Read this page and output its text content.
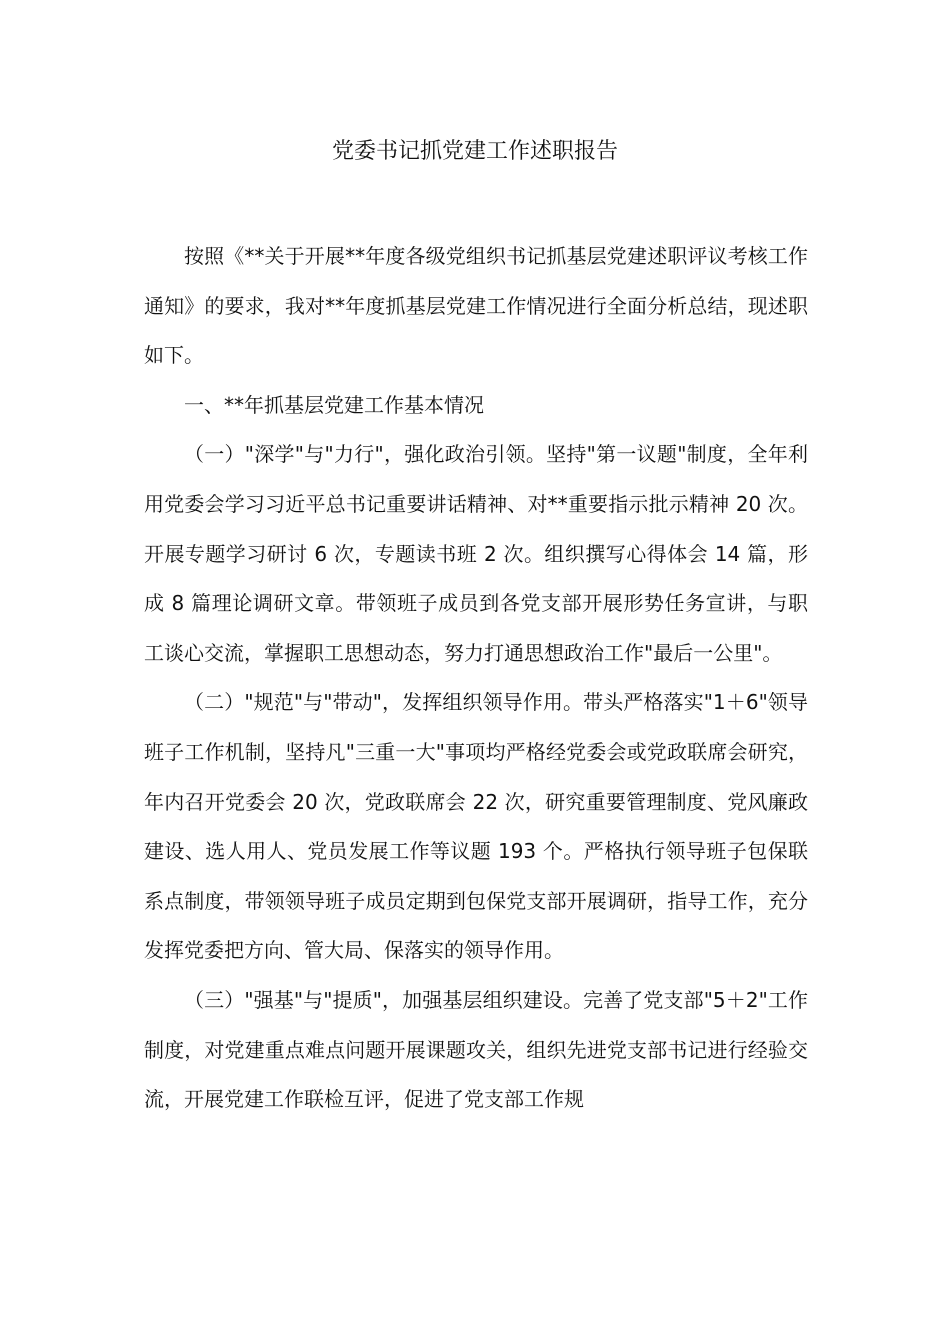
党委书记抓党建工作述职报告

按照《**关于开展**年度各级党组织书记抓基层党建述职评议考核工作通知》的要求，我对**年度抓基层党建工作情况进行全面分析总结，现述职如下。

一、**年抓基层党建工作基本情况

（一）"深学"与"力行"，强化政治引领。坚持"第一议题"制度，全年利用党委会学习习近平总书记重要讲话精神、对**重要指示批示精神 20 次。开展专题学习研讨 6 次，专题读书班 2 次。组织撰写心得体会 14 篇，形成 8 篇理论调研文章。带领班子成员到各党支部开展形势任务宣讲，与职工谈心交流，掌握职工思想动态，努力打通思想政治工作"最后一公里"。

（二）"规范"与"带动"，发挥组织领导作用。带头严格落实"1＋6"领导班子工作机制，坚持凡"三重一大"事项均严格经党委会或党政联席会研究，年内召开党委会 20 次，党政联席会 22 次，研究重要管理制度、党风廉政建设、选人用人、党员发展工作等议题 193 个。严格执行领导班子包保联系点制度，带领领导班子成员定期到包保党支部开展调研，指导工作，充分发挥党委把方向、管大局、保落实的领导作用。

（三）"强基"与"提质"，加强基层组织建设。完善了党支部"5＋2"工作制度，对党建重点难点问题开展课题攻关，组织先进党支部书记进行经验交流，开展党建工作联检互评，促进了党支部工作规
